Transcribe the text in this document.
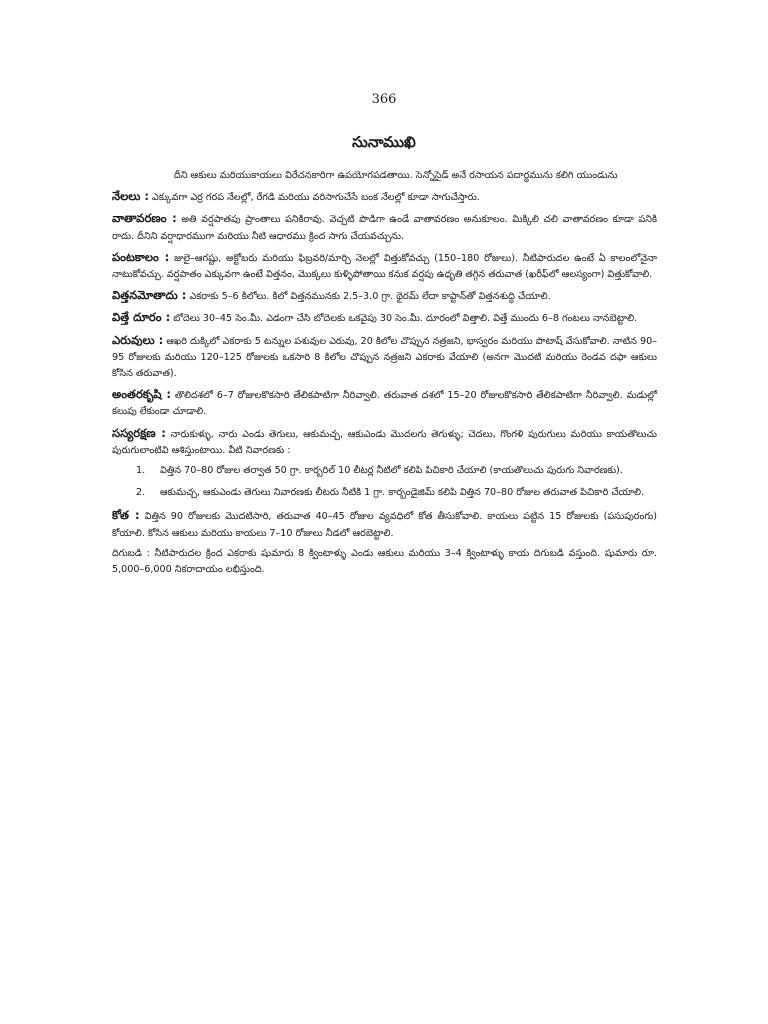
366
సునాముఖి

దీని ఆకులు మరియుకాయలు విరేచనకారిగా ఉపయోగపడతాయి. సెన్నోసైడ్ అనే రసాయన పదార్థమును కలిగి యుండును

నేలలు : ఎక్కువగా ఎర్ర గరప నేలల్లో, రేగడి మరియు వరిసాగుచేసే బంక నేలల్లో కూడా సాగుచేస్తారు.

వాతావరణం : అతి వర్షపాతపు ప్రాంతాలు పనికిరావు. వెచ్చటి పొడిగా ఉండే వాతావరణం అనుకూలం. మిక్కిలి చలి వాతావరణం కూడా పనికి రాదు. దీనిని వర్షాధారముగా మరియు నీటి ఆధారము క్రింద సాగు చేయవచ్చును.

పంటకాలం : జులై–ఆగష్టు, అక్టోబరు మరియు ఫిబ్రవరి/మార్చి నెలల్లో విత్తుకోవచ్చు (150–180 రోజులు). నీటిపారుదల ఉంటే ఏ కాలంలోనైనా నాటుకోవచ్చు. వర్షపాతం ఎక్కువగా ఉంటే విత్తనం, మొక్కలు కుళ్ళిపోతాయి కనుక వర్షపు ఉధృతి తగ్గిన తరువాత (ఖరీఫ్‌లో ఆలస్యంగా) విత్తుకోవాలి.

విత్తనమోతాదు : ఎకరాకు 5–6 కిలోలు. కిలో విత్తనమునకు 2.5–3.0 గ్రా. థైరమ్ లేదా కాప్టాన్‌తో విత్తనశుద్ధి చేయాలి.

విత్తే దూరం : బోదెలు 30–45 సెం.మీ. ఎడంగా చేసి బోదెలకు ఒకవైపు 30 సెం.మీ. దూరంలో విత్తాలి. విత్తే ముందు 6–8 గంటలు నానబెట్టాలి.

ఎరువులు : ఆఖరి దుక్కిలో ఎకరాకు 5 టన్నుల పశువుల ఎరువు, 20 కిలోల చొప్పున నత్రజని, భాస్వరం మరియు పొటాష్ వేసుకోవాలి. నాటిన 90–95 రోజులకు మరియు 120–125 రోజులకు ఒకసారి 8 కిలోల చొప్పున నత్రజని ఎకరాకు వేయాలి (అనగా మొదటి మరియు రెండవ దఫా ఆకులు కోసిన తరువాత).

అంతరకృషి : తొలిదశలో 6–7 రోజులకొకసారి తేలికపాటిగా నీరివ్వాలి. తరువాత దశలో 15–20 రోజులకొకసారి తేలికపాటిగా నీరివ్వాలి. మడుల్లో కలుపు లేకుండా చూడాలి.

సస్యరక్షణ : నారుకుళ్ళు, నారు ఎండు తెగులు, ఆకుమచ్చ, ఆకుఎండు మొదలగు తెగుళ్ళు; చెదలు, గొంగళి పురుగులు మరియు కాయతొలుచు పురుగులాంటివి ఆశిస్తుంటాయి. వీటి నివారణకు :

1. విత్తిన 70–80 రోజుల తర్వాత 50 గ్రా. కార్బరిల్ 10 లీటర్ల నీటిలో కలిపి పిచికారి చేయాలి (కాయతొలుచు పురుగు నివారణకు).
2. ఆకుమచ్చ, ఆకుఎండు తెగులు నివారణకు లీటరు నీటికి 1 గ్రా. కార్బండైజిమ్ కలిపి విత్తిన 70–80 రోజుల తరువాత పిచికారి చేయాలి.

కోత : విత్తిన 90 రోజులకు మొదటిసారి, తరువాత 40–45 రోజుల వ్యవధిలో కోత తీసుకోవాలి. కాయలు పట్టిన 15 రోజులకు (పసుపురంగు) కోయాలి. కోసిన ఆకులు మరియు కాయలు 7–10 రోజులు నీడలో ఆరబెట్టాలి.

దిగుబడి : నీటిపారుదల క్రింద ఎకరాకు షుమారు 8 క్వింటాళ్ళు ఎండు ఆకులు మరియు 3–4 క్వింటాళ్ళు కాయ దిగుబడి వస్తుంది. షుమారు రూ. 5,000–6,000 నికరాదాయం లభిస్తుంది.
